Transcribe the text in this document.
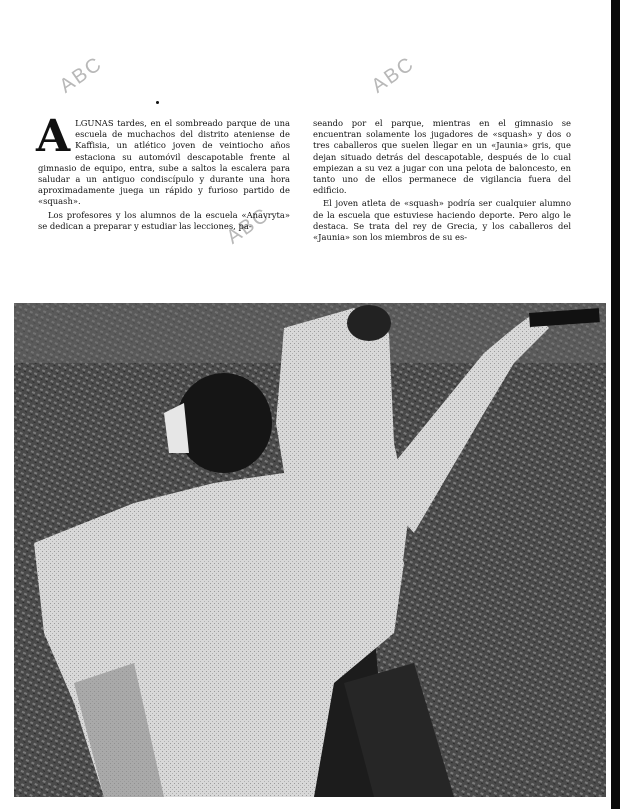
ABC	ABC
ABC
A LGUNAS tardes, en el sombreado parque de una escuela de muchachos del distrito ateniense de Kaffisia, un atlético joven de veintiocho años estaciona su automóvil descapotable frente al gimnasio de equipo, entra, sube a saltos la escalera para saludar a un antiguo condiscípulo y durante una hora aproximadamente juega un rápido y furioso partido de «squash».

Los profesores y los alumnos de la escuela «Anavryta» se dedican a preparar y estudiar las lecciones, pa-

seando por el parque, mientras en el gimnasio se encuentran solamente los jugadores de «squash» y dos o tres caballeros que suelen llegar en un «Jaunia» gris, que dejan situado detrás del descapotable, después de lo cual empiezan a su vez a jugar con una pelota de baloncesto, en tanto uno de ellos permanece de vigilancia fuera del edificio.

El joven atleta de «squash» podría ser cualquier alumno de la escuela que estuviese haciendo deporte. Pero algo le destaca. Se trata del rey de Grecia, y los caballeros del «Jaunia» son los miembros de su es-
